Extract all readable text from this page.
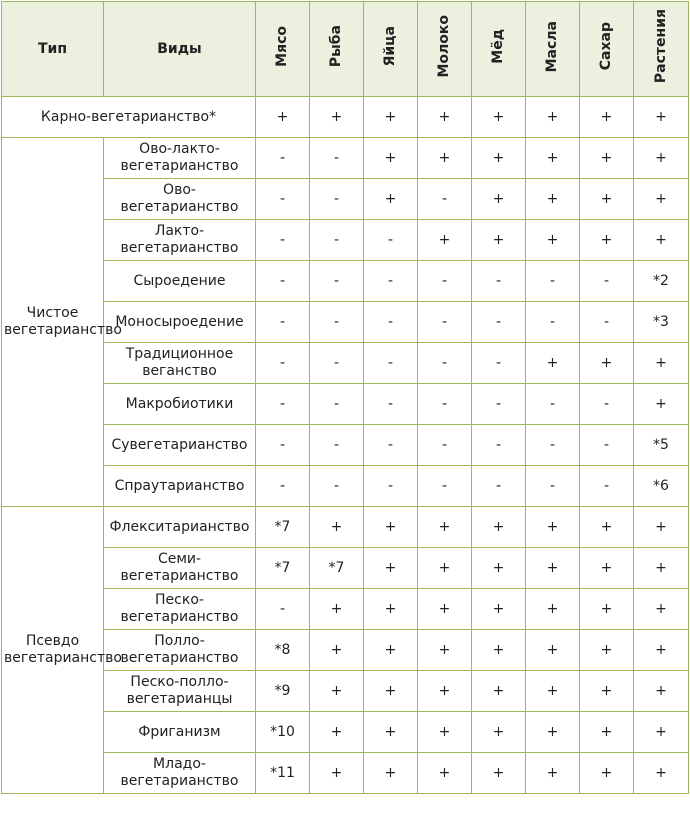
Тип	Виды	Мясо	Рыба	Яйца	Молоко	Мёд	Масла	Сахар	Растения
Карно-вегетарианство*		+	+	+	+	+	+	+	+
Чистое вегетарианство	Ово-лакто-вегетарианство	-	-	+	+	+	+	+	+
	Ово-вегетарианство	-	-	+	-	+	+	+	+
	Лакто-вегетарианство	-	-	-	+	+	+	+	+
	Сыроедение	-	-	-	-	-	-	-	*2
	Моносыроедение	-	-	-	-	-	-	-	*3
	Традиционное веганство	-	-	-	-	-	+	+	+
	Макробиотики	-	-	-	-	-	-	-	+
	Сувегетарианство	-	-	-	-	-	-	-	*5
	Спраутарианство	-	-	-	-	-	-	-	*6
Псевдо вегетарианство	Флекситарианство	*7	+	+	+	+	+	+	+
	Семи-вегетарианство	*7	*7	+	+	+	+	+	+
	Песко-вегетарианство	-	+	+	+	+	+	+	+
	Полло-вегетарианство	*8	+	+	+	+	+	+	+
	Песко-полло-вегетарианцы	*9	+	+	+	+	+	+	+
	Фриганизм	*10	+	+	+	+	+	+	+
	Младо-вегетарианство	*11	+	+	+	+	+	+	+
